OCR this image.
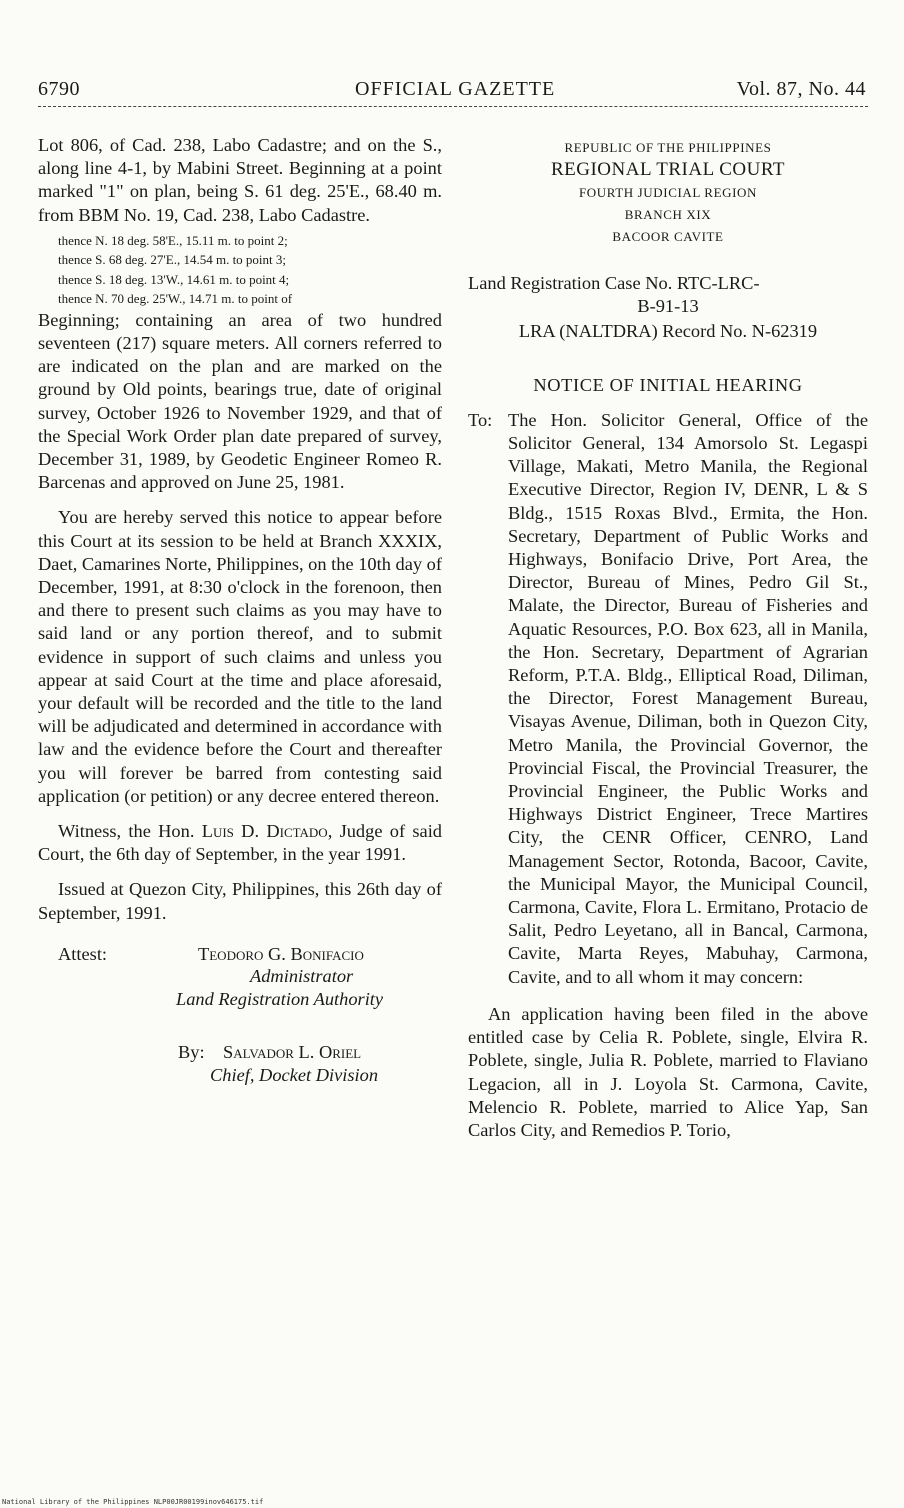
6790	OFFICIAL GAZETTE	Vol. 87, No. 44

Lot 806, of Cad. 238, Labo Cadastre; and on the S., along line 4-1, by Mabini Street. Beginning at a point marked "1" on plan, being S. 61 deg. 25'E., 68.40 m. from BBM No. 19, Cad. 238, Labo Cadastre.

thence N. 18 deg. 58'E., 15.11 m. to point 2;
thence S. 68 deg. 27'E., 14.54 m. to point 3;
thence S. 18 deg. 13'W., 14.61 m. to point 4;
thence N. 70 deg. 25'W., 14.71 m. to point of

Beginning; containing an area of two hundred seventeen (217) square meters. All corners referred to are indicated on the plan and are marked on the ground by Old points, bearings true, date of original survey, October 1926 to November 1929, and that of the Special Work Order plan date prepared of survey, December 31, 1989, by Geodetic Engineer Romeo R. Barcenas and approved on June 25, 1981.

You are hereby served this notice to appear before this Court at its session to be held at Branch XXXIX, Daet, Camarines Norte, Philippines, on the 10th day of December, 1991, at 8:30 o'clock in the forenoon, then and there to present such claims as you may have to said land or any portion thereof, and to submit evidence in support of such claims and unless you appear at said Court at the time and place aforesaid, your default will be recorded and the title to the land will be adjudicated and determined in accordance with law and the evidence before the Court and thereafter you will forever be barred from contesting said application (or petition) or any decree entered thereon.

Witness, the Hon. Luis D. Dictado, Judge of said Court, the 6th day of September, in the year 1991.

Issued at Quezon City, Philippines, this 26th day of September, 1991.

Attest:	Teodoro G. Bonifacio
Administrator
Land Registration Authority
By: Salvador L. Oriel
Chief, Docket Division
REPUBLIC OF THE PHILIPPINES
REGIONAL TRIAL COURT
FOURTH JUDICIAL REGION
BRANCH XIX
BACOOR CAVITE
Land Registration Case No. RTC-LRC-
B-91-13
LRA (NALTDRA) Record No. N-62319
NOTICE OF INITIAL HEARING
To: The Hon. Solicitor General, Office of the Solicitor General, 134 Amorsolo St. Legaspi Village, Makati, Metro Manila, the Regional Executive Director, Region IV, DENR, L & S Bldg., 1515 Roxas Blvd., Ermita, the Hon. Secretary, Department of Public Works and Highways, Bonifacio Drive, Port Area, the Director, Bureau of Mines, Pedro Gil St., Malate, the Director, Bureau of Fisheries and Aquatic Resources, P.O. Box 623, all in Manila, the Hon. Secretary, Department of Agrarian Reform, P.T.A. Bldg., Elliptical Road, Diliman, the Director, Forest Management Bureau, Visayas Avenue, Diliman, both in Quezon City, Metro Manila, the Provincial Governor, the Provincial Fiscal, the Provincial Treasurer, the Provincial Engineer, the Public Works and Highways District Engineer, Trece Martires City, the CENR Officer, CENRO, Land Management Sector, Rotonda, Bacoor, Cavite, the Municipal Mayor, the Municipal Council, Carmona, Cavite, Flora L. Ermitano, Protacio de Salit, Pedro Leyetano, all in Bancal, Carmona, Cavite, Marta Reyes, Mabuhay, Carmona, Cavite, and to all whom it may concern:

An application having been filed in the above entitled case by Celia R. Poblete, single, Elvira R. Poblete, single, Julia R. Poblete, married to Flaviano Legacion, all in J. Loyola St. Carmona, Cavite, Melencio R. Poblete, married to Alice Yap, San Carlos City, and Remedios P. Torio,

National Library of the Philippines NLP00JR00199inov646175.tif
